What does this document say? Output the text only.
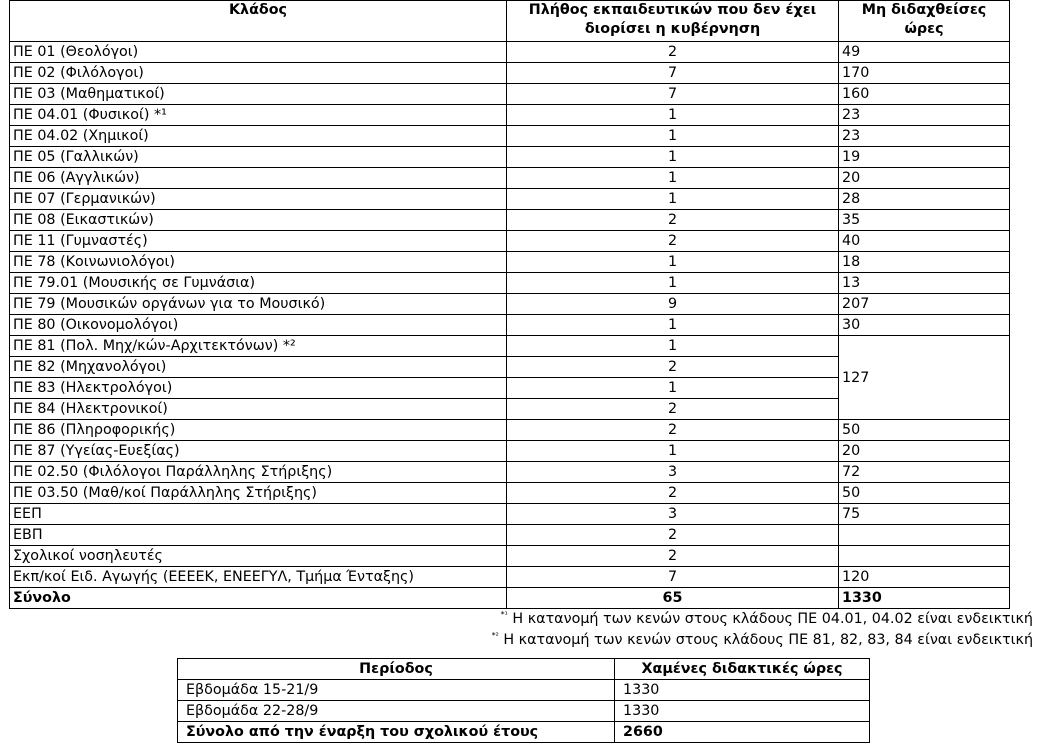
Κλάδος	Πλήθος εκπαιδευτικών που δεν έχει διορίσει η κυβέρνηση	Μη διδαχθείσες ώρες
ΠΕ 01 (Θεολόγοι)	2	49
ΠΕ 02 (Φιλόλογοι)	7	170
ΠΕ 03 (Μαθηματικοί)	7	160
ΠΕ 04.01 (Φυσικοί) *¹	1	23
ΠΕ 04.02 (Χημικοί)	1	23
ΠΕ 05 (Γαλλικών)	1	19
ΠΕ 06 (Αγγλικών)	1	20
ΠΕ 07 (Γερμανικών)	1	28
ΠΕ 08 (Εικαστικών)	2	35
ΠΕ 11 (Γυμναστές)	2	40
ΠΕ 78 (Κοινωνιολόγοι)	1	18
ΠΕ 79.01 (Μουσικής σε Γυμνάσια)	1	13
ΠΕ 79 (Μουσικών οργάνων για το Μουσικό)	9	207
ΠΕ 80 (Οικονομολόγοι)	1	30
ΠΕ 81 (Πολ. Μηχ/κών-Αρχιτεκτόνων) *²	1	127
ΠΕ 82 (Μηχανολόγοι)	2	
ΠΕ 83 (Ηλεκτρολόγοι)	1	
ΠΕ 84 (Ηλεκτρονικοί)	2	
ΠΕ 86 (Πληροφορικής)	2	50
ΠΕ 87 (Υγείας-Ευεξίας)	1	20
ΠΕ 02.50 (Φιλόλογοι Παράλληλης Στήριξης)	3	72
ΠΕ 03.50 (Μαθ/κοί Παράλληλης Στήριξης)	2	50
ΕΕΠ	3	75
ΕΒΠ	2	
Σχολικοί νοσηλευτές	2	
Εκπ/κοί Ειδ. Αγωγής (ΕΕΕΕΚ, ΕΝΕΕΓΥΛ, Τμήμα Ένταξης)	7	120
Σύνολο	65	1330
$^{*^1}$ Η κατανομή των κενών στους κλάδους ΠΕ 04.01, 04.02 είναι ενδεικτική
$^{*^2}$ Η κατανομή των κενών στους κλάδους ΠΕ 81, 82, 83, 84 είναι ενδεικτική
Περίοδος	Χαμένες διδακτικές ώρες
Εβδομάδα 15-21/9	1330
Εβδομάδα 22-28/9	1330
Σύνολο από την έναρξη του σχολικού έτους	2660
